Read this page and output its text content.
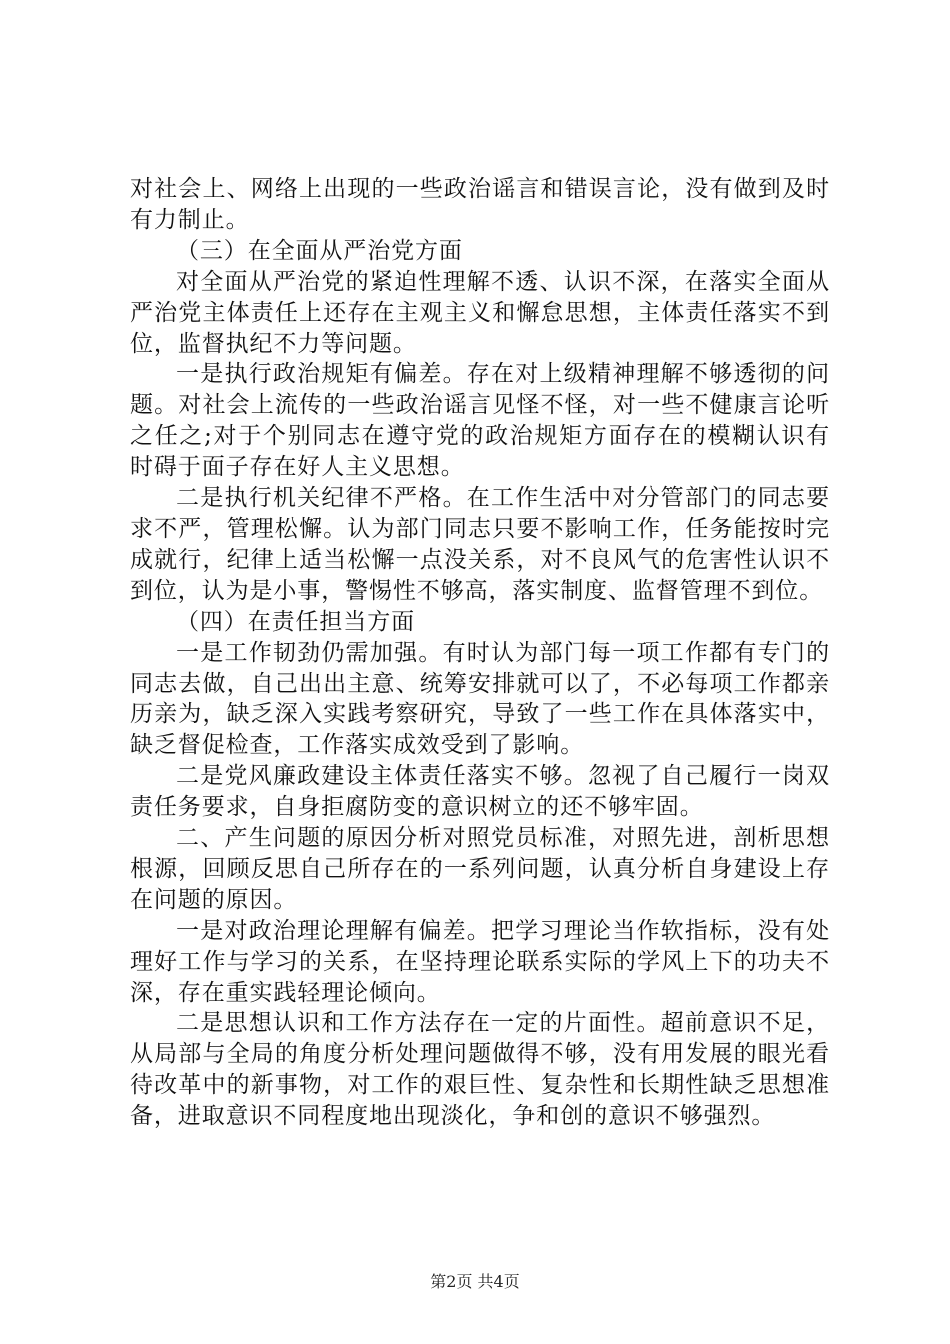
对社会上、网络上出现的一些政治谣言和错误言论，没有做到及时有力制止。

（三）在全面从严治党方面

对全面从严治党的紧迫性理解不透、认识不深，在落实全面从严治党主体责任上还存在主观主义和懈怠思想，主体责任落实不到位，监督执纪不力等问题。

一是执行政治规矩有偏差。存在对上级精神理解不够透彻的问题。对社会上流传的一些政治谣言见怪不怪，对一些不健康言论听之任之;对于个别同志在遵守党的政治规矩方面存在的模糊认识有时碍于面子存在好人主义思想。

二是执行机关纪律不严格。在工作生活中对分管部门的同志要求不严，管理松懈。认为部门同志只要不影响工作，任务能按时完成就行，纪律上适当松懈一点没关系，对不良风气的危害性认识不到位，认为是小事，警惕性不够高，落实制度、监督管理不到位。

（四）在责任担当方面

一是工作韧劲仍需加强。有时认为部门每一项工作都有专门的同志去做，自己出出主意、统筹安排就可以了，不必每项工作都亲历亲为，缺乏深入实践考察研究，导致了一些工作在具体落实中，缺乏督促检查，工作落实成效受到了影响。

二是党风廉政建设主体责任落实不够。忽视了自己履行一岗双责任务要求，自身拒腐防变的意识树立的还不够牢固。

二、产生问题的原因分析对照党员标准，对照先进，剖析思想根源，回顾反思自己所存在的一系列问题，认真分析自身建设上存在问题的原因。

一是对政治理论理解有偏差。把学习理论当作软指标，没有处理好工作与学习的关系，在坚持理论联系实际的学风上下的功夫不深，存在重实践轻理论倾向。

二是思想认识和工作方法存在一定的片面性。超前意识不足，从局部与全局的角度分析处理问题做得不够，没有用发展的眼光看待改革中的新事物，对工作的艰巨性、复杂性和长期性缺乏思想准备，进取意识不同程度地出现淡化，争和创的意识不够强烈。

第2页 共4页
